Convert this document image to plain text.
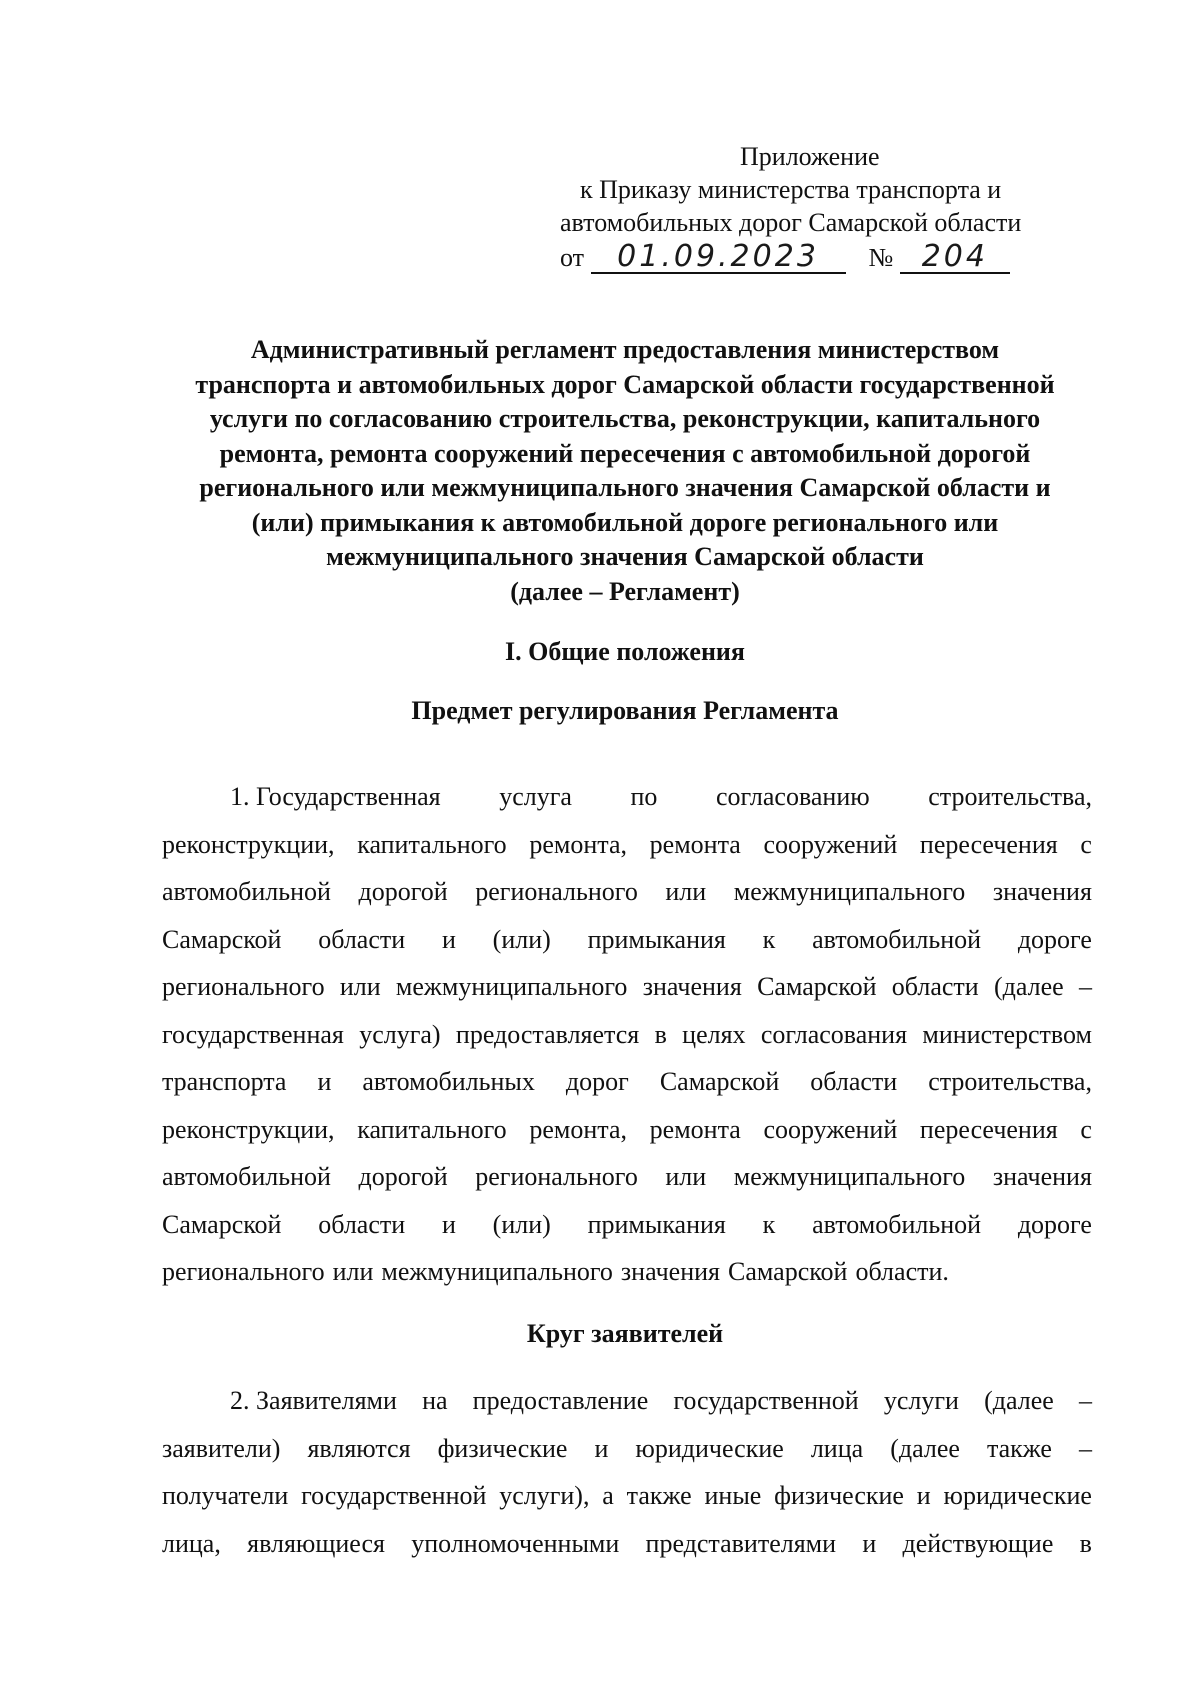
Приложение
к Приказу министерства транспорта и
автомобильных дорог Самарской области
от 01.09.2023 № 204
Административный регламент предоставления министерством
транспорта и автомобильных дорог Самарской области государственной
услуги по согласованию строительства, реконструкции, капитального
ремонта, ремонта сооружений пересечения с автомобильной дорогой
регионального или межмуниципального значения Самарской области и
(или) примыкания к автомобильной дороге регионального или
межмуниципального значения Самарской области
(далее – Регламент)
I. Общие положения
Предмет регулирования Регламента
1. Государственная услуга по согласованию строительства,
реконструкции, капитального ремонта, ремонта сооружений пересечения с
автомобильной дорогой регионального или межмуниципального значения
Самарской области и (или) примыкания к автомобильной дороге
регионального или межмуниципального значения Самарской области (далее –
государственная услуга) предоставляется в целях согласования министерством
транспорта и автомобильных дорог Самарской области строительства,
реконструкции, капитального ремонта, ремонта сооружений пересечения с
автомобильной дорогой регионального или межмуниципального значения
Самарской области и (или) примыкания к автомобильной дороге
регионального или межмуниципального значения Самарской области.
Круг заявителей
2. Заявителями на предоставление государственной услуги (далее –
заявители) являются физические и юридические лица (далее также –
получатели государственной услуги), а также иные физические и юридические
лица, являющиеся уполномоченными представителями и действующие в
